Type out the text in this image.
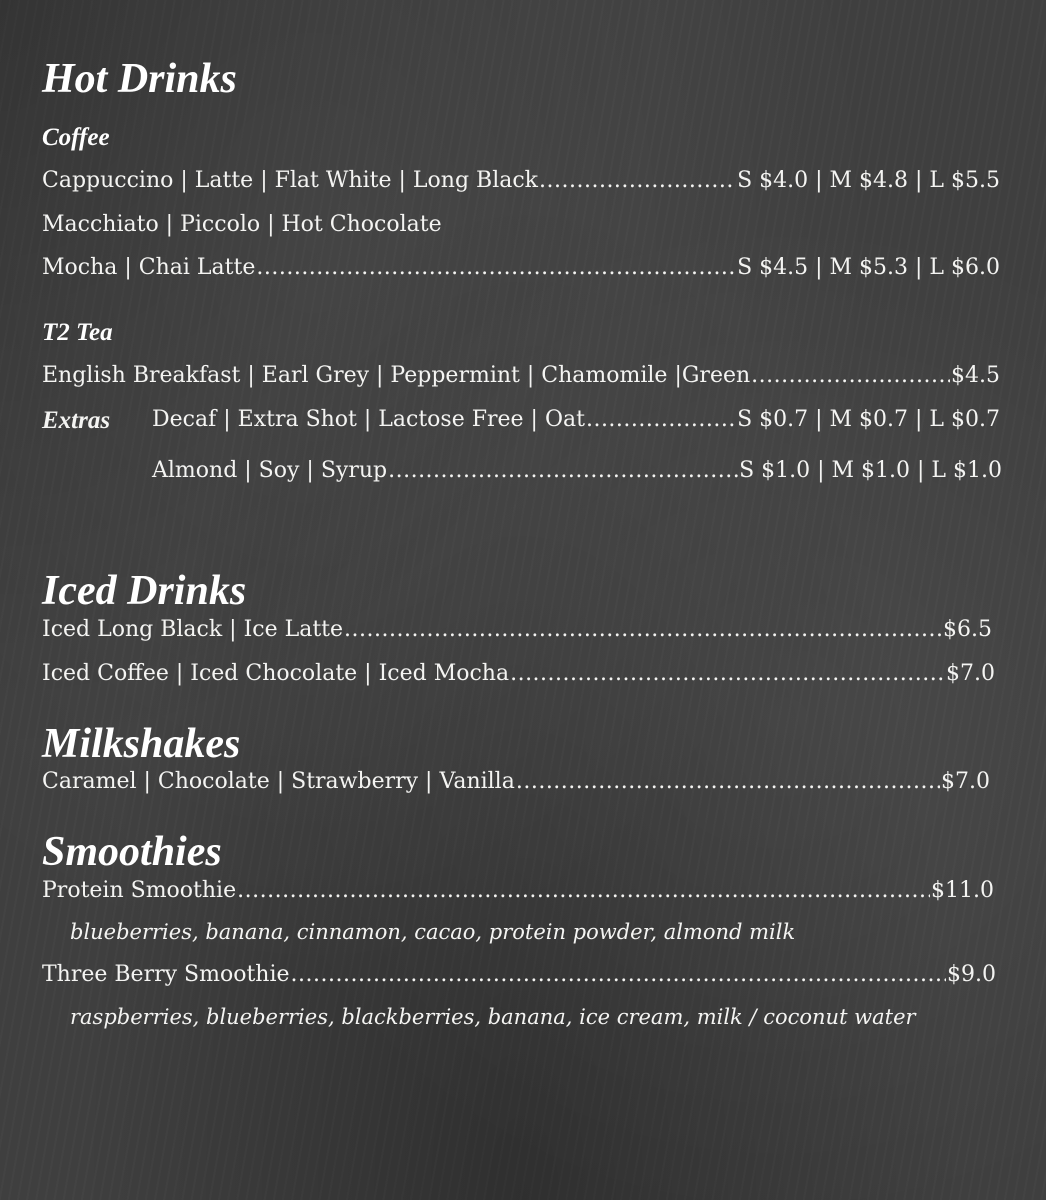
Hot Drinks
Coffee
Cappuccino | Latte | Flat White | Long Black .....	S $4.0 | M $4.8 | L $5.5
Macchiato | Piccolo | Hot Chocolate
Mocha | Chai Latte .....	S $4.5 | M $5.3 | L $6.0
T2 Tea
English Breakfast | Earl Grey | Peppermint | Chamomile |Green .....	$4.5
Extras Decaf | Extra Shot | Lactose Free | Oat .....	S $0.7 | M $0.7 | L $0.7
Almond | Soy | Syrup .....	S $1.0 | M $1.0 | L $1.0
Iced Drinks
Iced Long Black | Ice Latte .....	$6.5
Iced Coffee | Iced Chocolate | Iced Mocha .....	$7.0
Milkshakes
Caramel | Chocolate | Strawberry | Vanilla .....	$7.0
Smoothies
Protein Smoothie .....	$11.0

blueberries, banana, cinnamon, cacao, protein powder, almond milk

Three Berry Smoothie .....	$9.0

raspberries, blueberries, blackberries, banana, ice cream, milk / coconut water
